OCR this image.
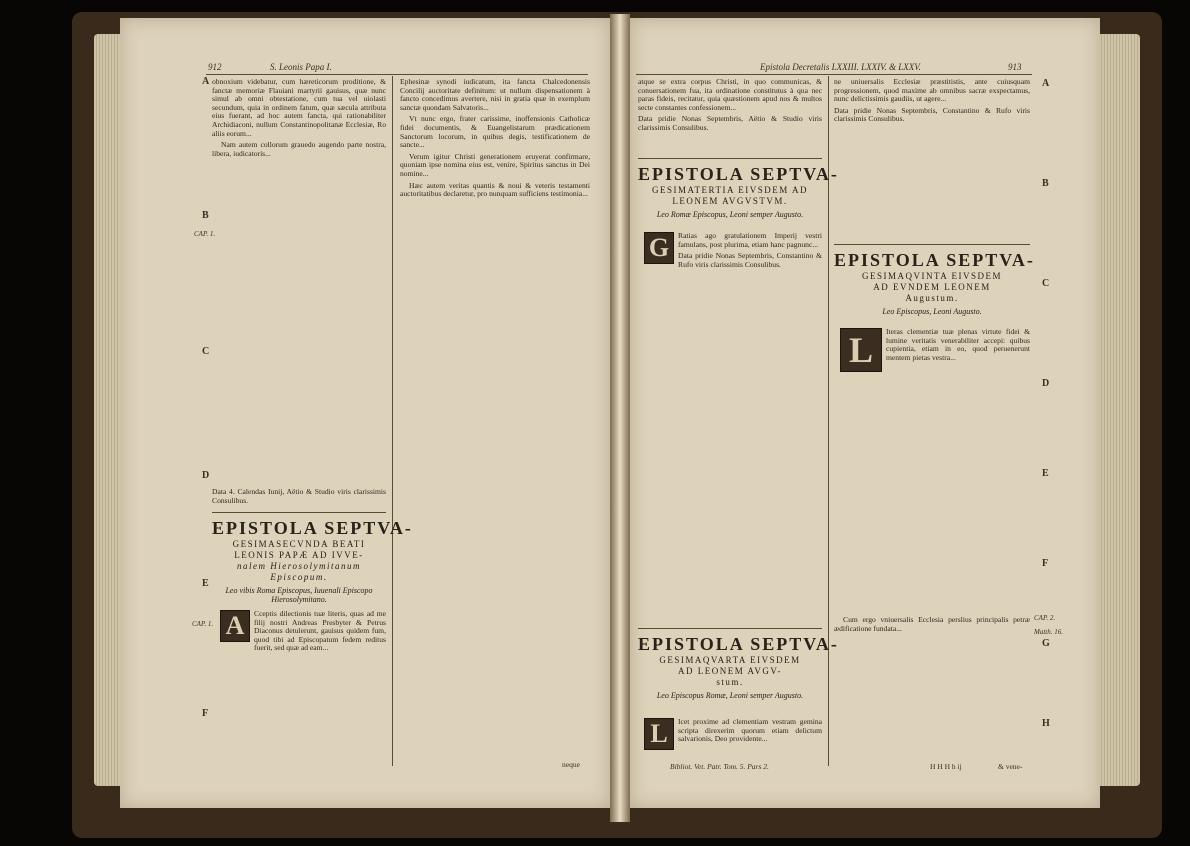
912	S. Leonis Papa I.
A
B
CAP. 1.
C
D
E
CAP. 1.
F

obnoxium videbatur, cum hæreticorum proditione, & fanctæ memoriæ Flauiani martyrii gauisus, quæ nunc simul ab omni obtestatione, cum tua vel uiolasti secundum, quia in ordinem fatum, quæ sæcula attributa eius fuerant, ad hoc autem fancta, qui rationabiliter Archidiaconi, nullum Constantinopolitanæ Ecclesiæ, Ro aliis eorum...

Nam autem collorum grauedo augendo parte nostra, libera, iudicatoris...

Data 4. Calendas Iunij, Aëtio & Studio viris clarissimis Consulibus.

EPISTOLA SEPTVA-
GESIMASECVNDA BEATI
LEONIS PAPÆ AD IVVE-
nalem Hierosolymitanum Episcopum.
Leo vibis Roma Episcopus, Iuuenali Episcopo Hierosolymitano.
A	Cceptis dilectionis tuæ literis, quas ad me filij nostri Andreas Presbyter & Petrus Diaconus detulerunt, gauisus quidem fum, quod tibi ad Episcopatum fedem reditus fuerit, sed quæ ad eam...

Ephesinæ synodi iudicatum, ita fancta Chalcedonensis Concilij auctoritate definitum: ut nullum dispensationem à fancto concedimus avertere, nisi in gratia quæ in exemplum sanctæ quondam Salvatoris...

Vt nunc ergo, frater carissime, inoffensionis Catholicæ fidei documentis, & Euangelistarum prædicationem Sanctorum locorum, in quibus degis, testificationem de sancte...

Verum igitur Christi generationem eruyerat confirmare, quoniam ipse nomina eius est, venire, Spiritus sanctus in Dei nomine...

Hæc autem veritas quantis & noui & veteris testamenti auctoritatibus declaretur, pro nunquam sufficiens testimonia...

neque
Epistola Decretalis LXXIII. LXXIV. & LXXV.	913
A
B
C
D
E
F
G
H
CAP. 2.
Matth. 16.

atque se extra corpus Christi, in quo communicas, & conuersationem fua, ita ordinatione constitutus à qua nec paras fideis, recitatur, quia quæstionem apud nos & multos secte constantes confessionem...

Data pridie Nonas Septembris, Aëtio & Studio viris clarissimis Consulibus.

EPISTOLA SEPTVA-
GESIMATERTIA EIVSDEM AD
LEONEM AVGVSTVM.
Leo Romæ Episcopus, Leoni semper Augusto.
G	Ratias ago gratulationem Imperij vestri famulans, post plurima, etiam hanc pagnunc...

Data pridie Nonas Septembris, Constantino & Rufo viris clarissimis Consulibus.

EPISTOLA SEPTVA-
GESIMAQVARTA EIVSDEM
AD LEONEM AVGV-
stum.
Leo Episcopus Romæ, Leoni semper Augusto.
L	Icet proxime ad clementiam vestram gemina scripta direxerim quorum etiam delictum salvarionis, Deo providente...

Bibliot. Vet. Patr. Tom. 5. Pars 2.

ne uniuersalis Ecclesiæ præstitistis, ante cuiusquam progressionem, quod maxime ab omnibus sacræ exspectamus, nunc delictissimis gaudiis, ut agere...

Data pridie Nonas Septembris, Constantino & Rufo viris clarissimis Consulibus.

EPISTOLA SEPTVA-
GESIMAQVINTA EIVSDEM
AD EVNDEM LEONEM
Augustum.
Leo Episcopus, Leoni Augusto.
L	Iteras clementiæ tuæ plenas virtute fidei & lumine veritatis venerabiliter accepi: quibus cupientia, etiam in eo, quod peruenerunt mentem pietas vestra...

Cum ergo vniuersalis Ecclesia perslius principalis petræ ædificatione fundata...

H H H h ij	& vene-
